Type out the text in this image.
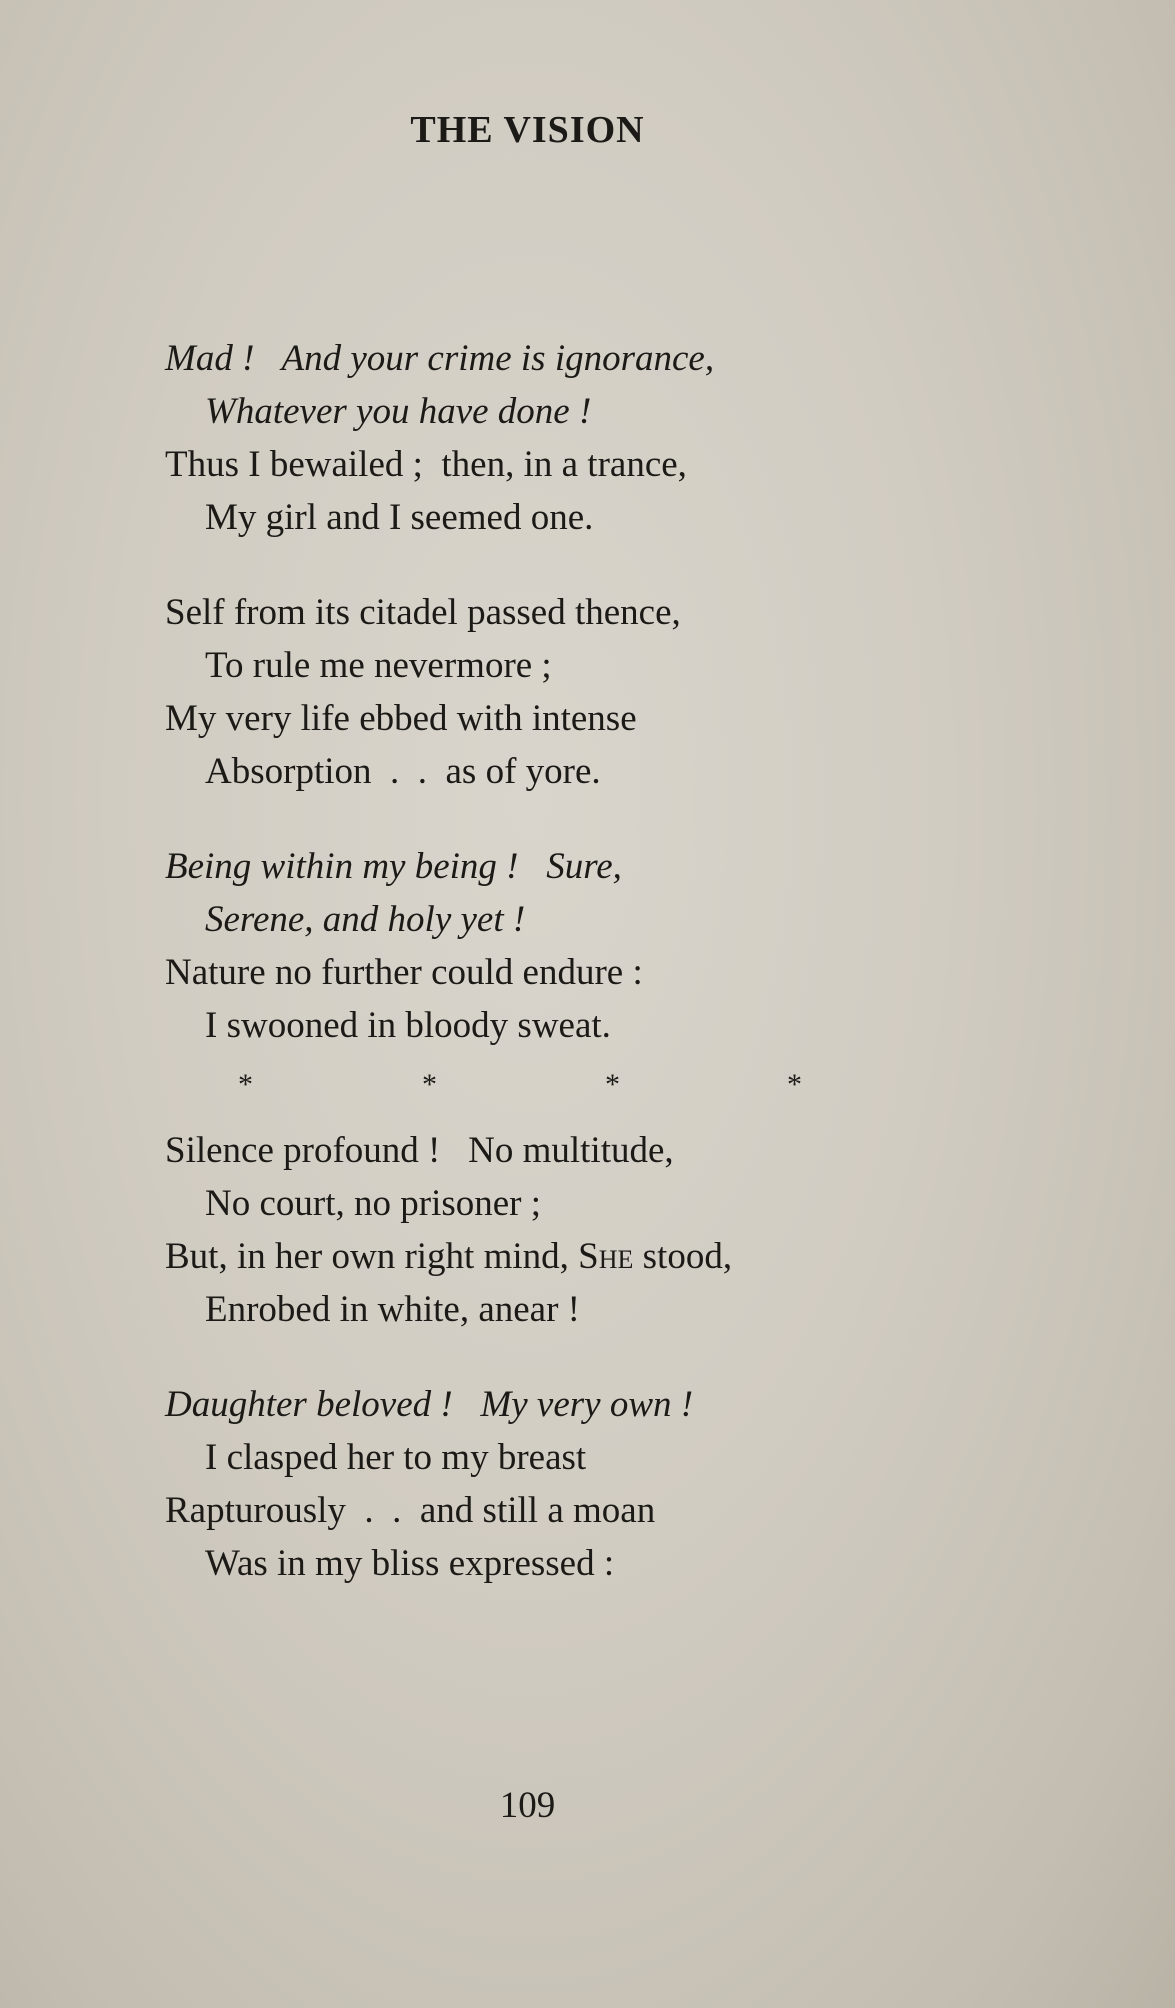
THE VISION
Mad !   And your crime is ignorance,
Whatever you have done !
Thus I bewailed ;  then, in a trance,
My girl and I seemed one.
Self from its citadel passed thence,
To rule me nevermore ;
My very life ebbed with intense
Absorption  .  .  as of yore.
Being within my being !   Sure,
Serene, and holy yet !
Nature no further could endure :
I swooned in bloody sweat.
*	*	*	*
Silence profound !   No multitude,
No court, no prisoner ;
But, in her own right mind, She stood,
Enrobed in white, anear !
Daughter beloved !   My very own !
I clasped her to my breast
Rapturously  .  .  and still a moan
Was in my bliss expressed :
109
